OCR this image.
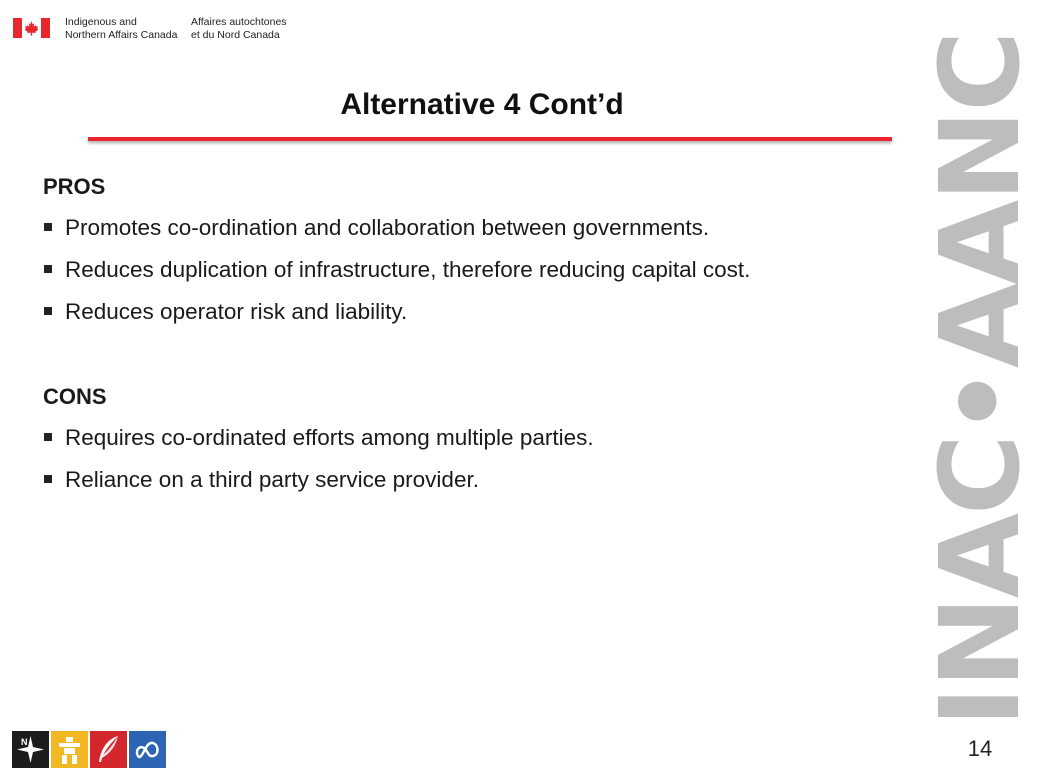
Indigenous and
Northern Affairs Canada
Affaires autochtones
et du Nord Canada	INAC•AANC
Alternative 4 Cont’d
PROS
Promotes co-ordination and collaboration between governments.
Reduces duplication of infrastructure, therefore reducing capital cost.
Reduces operator risk and liability.
CONS
Requires co-ordinated efforts among multiple parties.
Reliance on a third party service provider.
N	14
